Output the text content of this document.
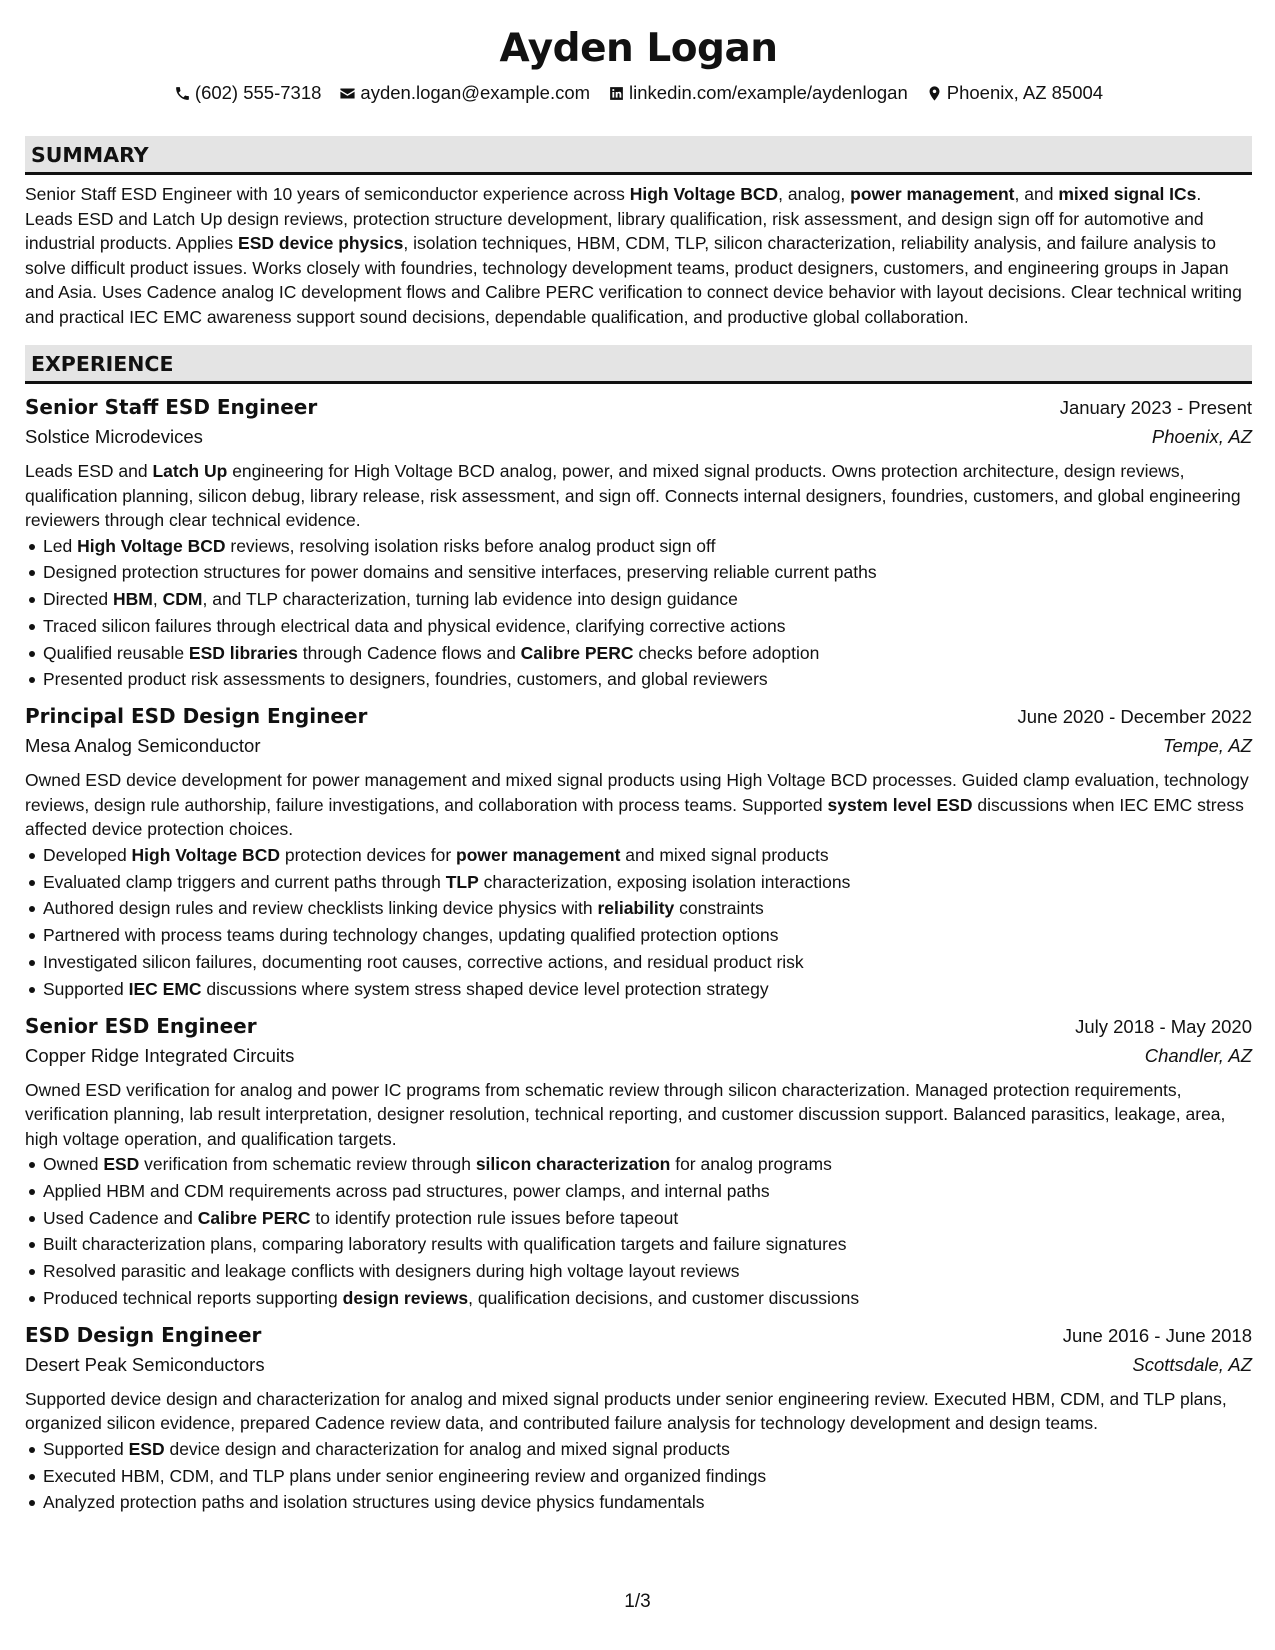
Ayden Logan
(602) 555-7318 ayden.logan@example.com linkedin.com/example/aydenlogan Phoenix, AZ 85004
SUMMARY

Senior Staff ESD Engineer with 10 years of semiconductor experience across High Voltage BCD, analog, power management, and mixed signal ICs. Leads ESD and Latch Up design reviews, protection structure development, library qualification, risk assessment, and design sign off for automotive and industrial products. Applies ESD device physics, isolation techniques, HBM, CDM, TLP, silicon characterization, reliability analysis, and failure analysis to solve difficult product issues. Works closely with foundries, technology development teams, product designers, customers, and engineering groups in Japan and Asia. Uses Cadence analog IC development flows and Calibre PERC verification to connect device behavior with layout decisions. Clear technical writing and practical IEC EMC awareness support sound decisions, dependable qualification, and productive global collaboration.

EXPERIENCE
Senior Staff ESD Engineer	January 2023 - Present
Solstice Microdevices	Phoenix, AZ
Leads ESD and Latch Up engineering for High Voltage BCD analog, power, and mixed signal products. Owns protection architecture, design reviews, qualification planning, silicon debug, library release, risk assessment, and sign off. Connects internal designers, foundries, customers, and global engineering reviewers through clear technical evidence.
Led High Voltage BCD reviews, resolving isolation risks before analog product sign off
Designed protection structures for power domains and sensitive interfaces, preserving reliable current paths
Directed HBM, CDM, and TLP characterization, turning lab evidence into design guidance
Traced silicon failures through electrical data and physical evidence, clarifying corrective actions
Qualified reusable ESD libraries through Cadence flows and Calibre PERC checks before adoption
Presented product risk assessments to designers, foundries, customers, and global reviewers
Principal ESD Design Engineer	June 2020 - December 2022
Mesa Analog Semiconductor	Tempe, AZ
Owned ESD device development for power management and mixed signal products using High Voltage BCD processes. Guided clamp evaluation, technology reviews, design rule authorship, failure investigations, and collaboration with process teams. Supported system level ESD discussions when IEC EMC stress affected device protection choices.
Developed High Voltage BCD protection devices for power management and mixed signal products
Evaluated clamp triggers and current paths through TLP characterization, exposing isolation interactions
Authored design rules and review checklists linking device physics with reliability constraints
Partnered with process teams during technology changes, updating qualified protection options
Investigated silicon failures, documenting root causes, corrective actions, and residual product risk
Supported IEC EMC discussions where system stress shaped device level protection strategy
Senior ESD Engineer	July 2018 - May 2020
Copper Ridge Integrated Circuits	Chandler, AZ
Owned ESD verification for analog and power IC programs from schematic review through silicon characterization. Managed protection requirements, verification planning, lab result interpretation, designer resolution, technical reporting, and customer discussion support. Balanced parasitics, leakage, area, high voltage operation, and qualification targets.
Owned ESD verification from schematic review through silicon characterization for analog programs
Applied HBM and CDM requirements across pad structures, power clamps, and internal paths
Used Cadence and Calibre PERC to identify protection rule issues before tapeout
Built characterization plans, comparing laboratory results with qualification targets and failure signatures
Resolved parasitic and leakage conflicts with designers during high voltage layout reviews
Produced technical reports supporting design reviews, qualification decisions, and customer discussions
ESD Design Engineer	June 2016 - June 2018
Desert Peak Semiconductors	Scottsdale, AZ
Supported device design and characterization for analog and mixed signal products under senior engineering review. Executed HBM, CDM, and TLP plans, organized silicon evidence, prepared Cadence review data, and contributed failure analysis for technology development and design teams.
Supported ESD device design and characterization for analog and mixed signal products
Executed HBM, CDM, and TLP plans under senior engineering review and organized findings
Analyzed protection paths and isolation structures using device physics fundamentals
1/3
